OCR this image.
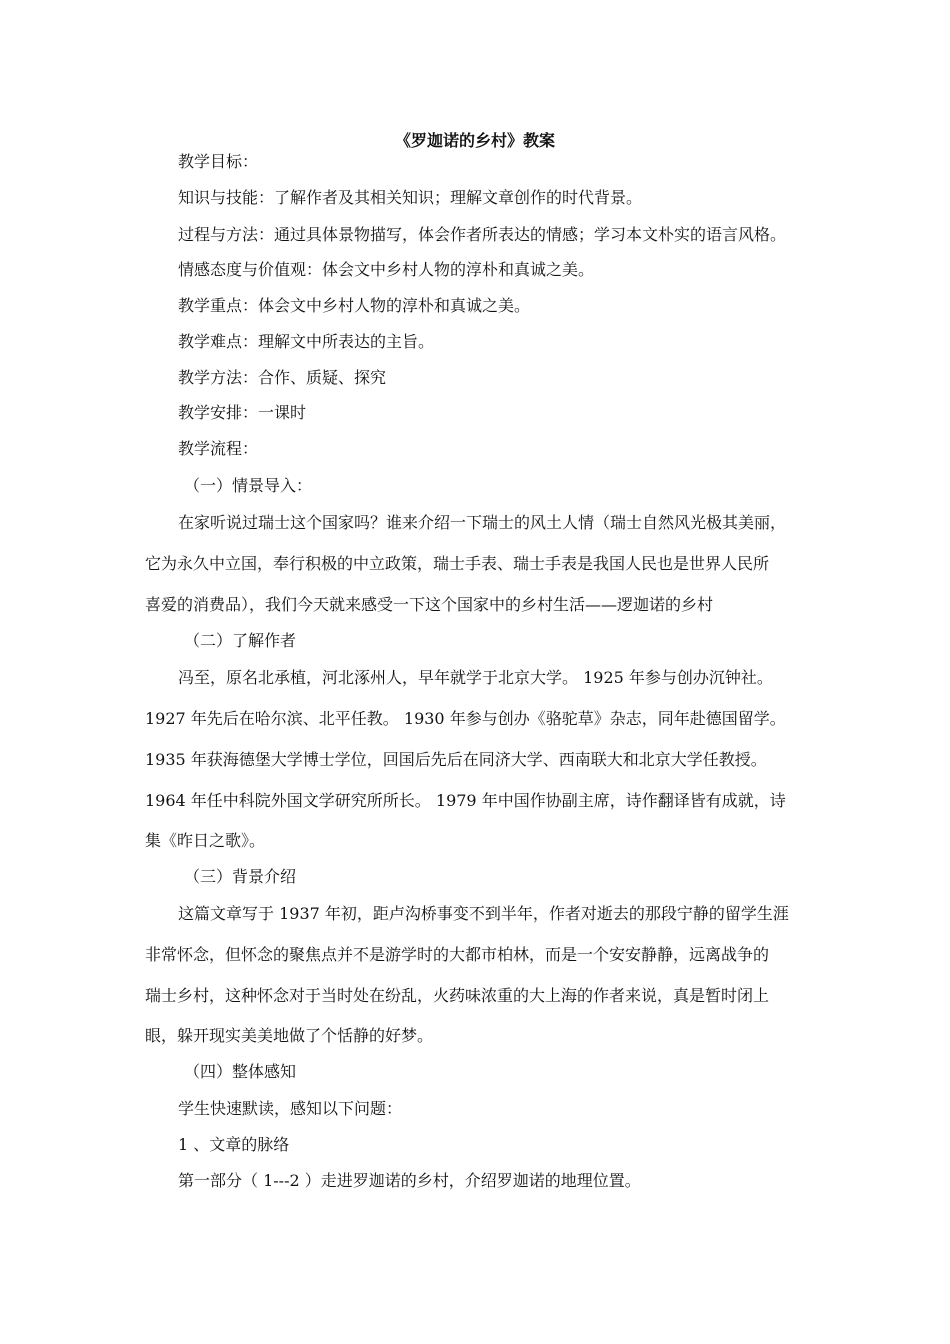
《罗迦诺的乡村》教案
教学目标：
知识与技能：了解作者及其相关知识；理解文章创作的时代背景。
过程与方法：通过具体景物描写，体会作者所表达的情感；学习本文朴实的语言风格。
情感态度与价值观：体会文中乡村人物的淳朴和真诚之美。
教学重点：体会文中乡村人物的淳朴和真诚之美。
教学难点：理解文中所表达的主旨。
教学方法：合作、质疑、探究
教学安排：一课时
教学流程：
（一）情景导入：
在家听说过瑞士这个国家吗？谁来介绍一下瑞士的风土人情（瑞士自然风光极其美丽，
它为永久中立国，奉行积极的中立政策，瑞士手表、瑞士手表是我国人民也是世界人民所
喜爱的消费品），我们今天就来感受一下这个国家中的乡村生活——逻迦诺的乡村
（二）了解作者
冯至，原名北承植，河北涿州人，早年就学于北京大学。 1925 年参与创办沉钟社。
1927 年先后在哈尔滨、北平任教。 1930 年参与创办《骆驼草》杂志，同年赴德国留学。
1935 年获海德堡大学博士学位，回国后先后在同济大学、西南联大和北京大学任教授。
1964 年任中科院外国文学研究所所长。 1979 年中国作协副主席，诗作翻译皆有成就，诗
集《昨日之歌》。
（三）背景介绍
这篇文章写于 1937 年初，距卢沟桥事变不到半年，作者对逝去的那段宁静的留学生涯
非常怀念，但怀念的聚焦点并不是游学时的大都市柏林，而是一个安安静静，远离战争的
瑞士乡村，这种怀念对于当时处在纷乱，火药味浓重的大上海的作者来说，真是暂时闭上
眼，躲开现实美美地做了个恬静的好梦。
（四）整体感知
学生快速默读，感知以下问题：
1 、文章的脉络
第一部分（ 1---2 ）走进罗迦诺的乡村，介绍罗迦诺的地理位置。
